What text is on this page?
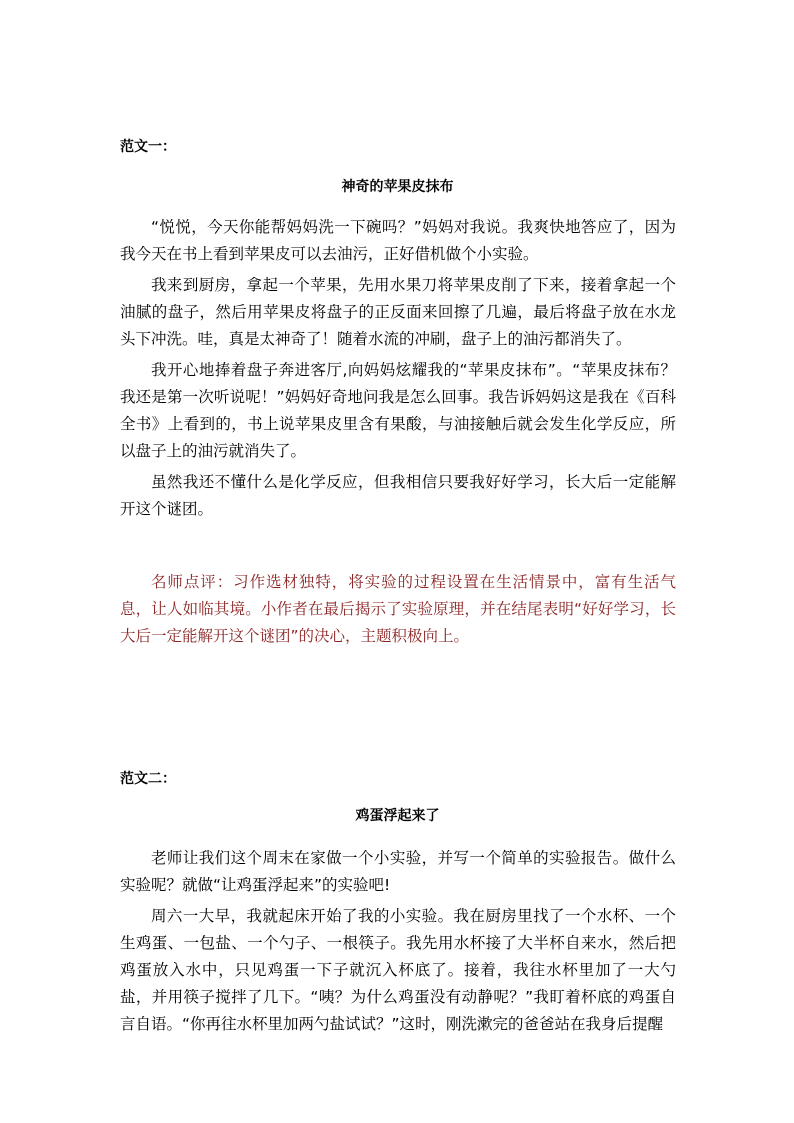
范文一：

神奇的苹果皮抹布

“悦悦，今天你能帮妈妈洗一下碗吗？”妈妈对我说。我爽快地答应了，因为我今天在书上看到苹果皮可以去油污，正好借机做个小实验。

我来到厨房，拿起一个苹果，先用水果刀将苹果皮削了下来，接着拿起一个油腻的盘子，然后用苹果皮将盘子的正反面来回擦了几遍，最后将盘子放在水龙头下冲洗。哇，真是太神奇了！随着水流的冲刷，盘子上的油污都消失了。

我开心地捧着盘子奔进客厅,向妈妈炫耀我的“苹果皮抹布”。“苹果皮抹布？我还是第一次听说呢！”妈妈好奇地问我是怎么回事。我告诉妈妈这是我在《百科全书》上看到的，书上说苹果皮里含有果酸，与油接触后就会发生化学反应，所以盘子上的油污就消失了。

虽然我还不懂什么是化学反应，但我相信只要我好好学习，长大后一定能解开这个谜团。

名师点评：习作选材独特，将实验的过程设置在生活情景中，富有生活气息，让人如临其境。小作者在最后揭示了实验原理，并在结尾表明“好好学习，长大后一定能解开这个谜团”的决心，主题积极向上。

范文二：

鸡蛋浮起来了

老师让我们这个周末在家做一个小实验，并写一个简单的实验报告。做什么实验呢？就做“让鸡蛋浮起来”的实验吧!

周六一大早，我就起床开始了我的小实验。我在厨房里找了一个水杯、一个生鸡蛋、一包盐、一个勺子、一根筷子。我先用水杯接了大半杯自来水，然后把鸡蛋放入水中，只见鸡蛋一下子就沉入杯底了。接着，我往水杯里加了一大勺盐，并用筷子搅拌了几下。“咦？为什么鸡蛋没有动静呢？”我盯着杯底的鸡蛋自言自语。“你再往水杯里加两勺盐试试？”这时，刚洗漱完的爸爸站在我身后提醒
